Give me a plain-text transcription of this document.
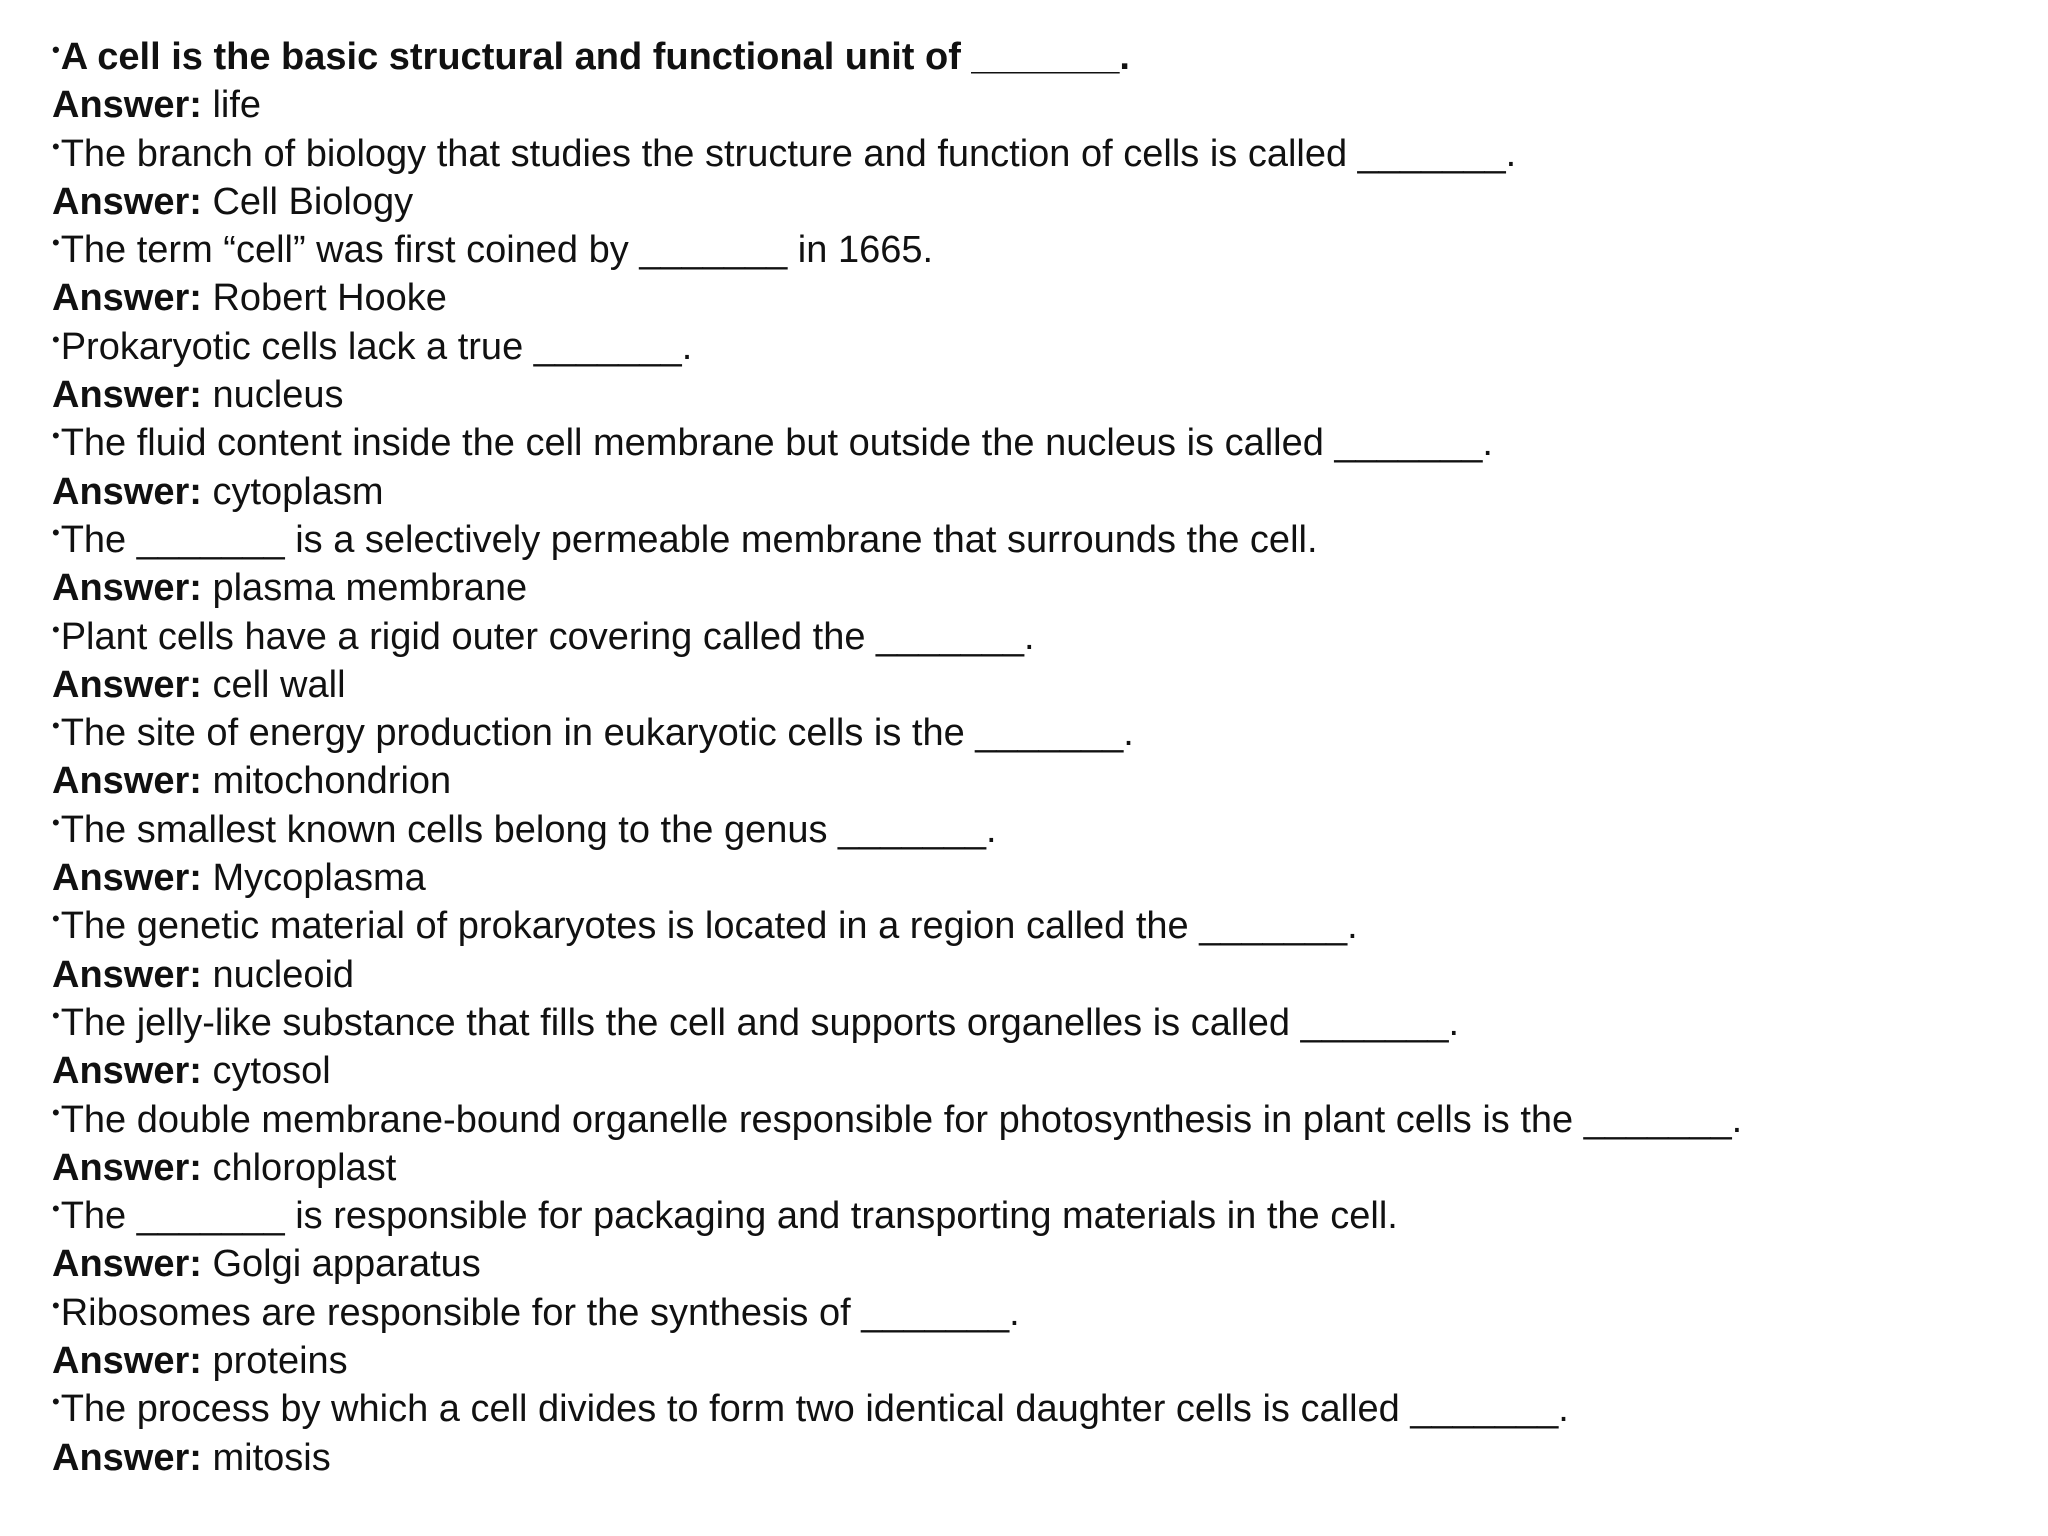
•A cell is the basic structural and functional unit of _______.
Answer: life
•The branch of biology that studies the structure and function of cells is called _______.
Answer: Cell Biology
•The term “cell” was first coined by _______ in 1665.
Answer: Robert Hooke
•Prokaryotic cells lack a true _______.
Answer: nucleus
•The fluid content inside the cell membrane but outside the nucleus is called _______.
Answer: cytoplasm
•The _______ is a selectively permeable membrane that surrounds the cell.
Answer: plasma membrane
•Plant cells have a rigid outer covering called the _______.
Answer: cell wall
•The site of energy production in eukaryotic cells is the _______.
Answer: mitochondrion
•The smallest known cells belong to the genus _______.
Answer: Mycoplasma
•The genetic material of prokaryotes is located in a region called the _______.
Answer: nucleoid
•The jelly-like substance that fills the cell and supports organelles is called _______.
Answer: cytosol
•The double membrane-bound organelle responsible for photosynthesis in plant cells is the _______.
Answer: chloroplast
•The _______ is responsible for packaging and transporting materials in the cell.
Answer: Golgi apparatus
•Ribosomes are responsible for the synthesis of _______.
Answer: proteins
•The process by which a cell divides to form two identical daughter cells is called _______.
Answer: mitosis
